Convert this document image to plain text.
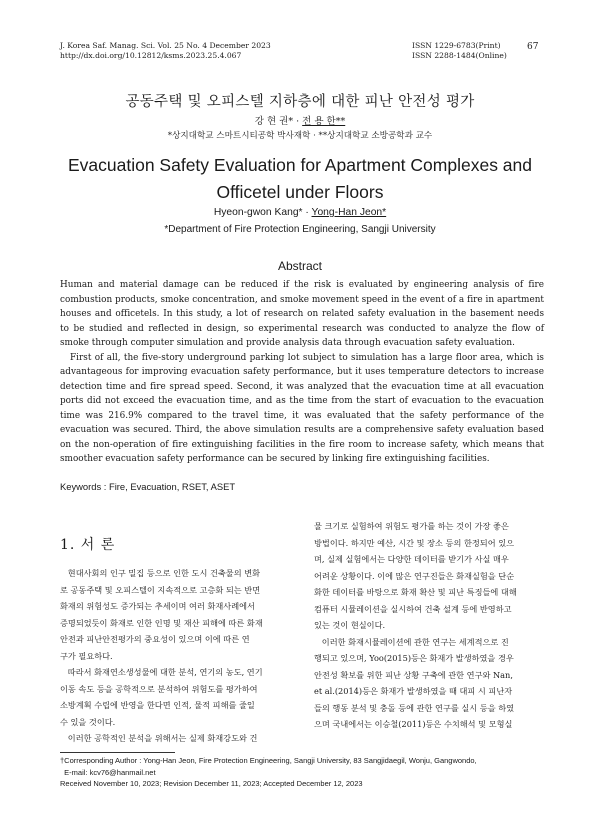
J. Korea Saf. Manag. Sci. Vol. 25 No. 4 December 2023
http://dx.doi.org/10.12812/ksms.2023.25.4.067
ISSN 1229-6783(Print)
ISSN 2288-1484(Online)
67
공동주택 및 오피스텔 지하층에 대한 피난 안전성 평가
강 현 권* · 전 용 한**
*상지대학교 스마트시티공학 박사재학 · **상지대학교 소방공학과 교수
Evacuation Safety Evaluation for Apartment Complexes and
Officetel under Floors
Hyeon-gwon Kang* · Yong-Han Jeon*
*Department of Fire Protection Engineering, Sangji University
Abstract
Human and material damage can be reduced if the risk is evaluated by engineering analysis of fire
combustion products, smoke concentration, and smoke movement speed in the event of a fire in apartment
houses and officetels. In this study, a lot of research on related safety evaluation in the basement needs
to be studied and reflected in design, so experimental research was conducted to analyze the flow of
smoke through computer simulation and provide analysis data through evacuation safety evaluation.
First of all, the five-story underground parking lot subject to simulation has a large floor area, which is
advantageous for improving evacuation safety performance, but it uses temperature detectors to increase
detection time and fire spread speed. Second, it was analyzed that the evacuation time at all evacuation
ports did not exceed the evacuation time, and as the time from the start of evacuation to the evacuation
time was 216.9% compared to the travel time, it was evaluated that the safety performance of the
evacuation was secured. Third, the above simulation results are a comprehensive safety evaluation based
on the non-operation of fire extinguishing facilities in the fire room to increase safety, which means that
smoother evacuation safety performance can be secured by linking fire extinguishing facilities.
Keywords : Fire, Evacuation, RSET, ASET
1. 서 론
현대사회의 인구 밀집 등으로 인한 도시 건축물의 변화
로 공동주택 및 오피스텔이 지속적으로 고층화 되는 반면
화재의 위험성도 증가되는 추세이며 여러 화재사례에서
증명되었듯이 화재로 인한 인명 및 재산 피해에 따른 화재
안전과 피난안전평가의 중요성이 있으며 이에 따른 연
구가 필요하다.
따라서 화재연소생성물에 대한 분석, 연기의 농도, 연기
이동 속도 등을 공학적으로 분석하여 위험도를 평가하여
소방계획 수립에 반영을 한다면 인적, 물적 피해를 줄일
수 있을 것이다.
이러한 공학적인 분석을 위해서는 실제 화재강도와 건
물 크기로 실험하여 위험도 평가를 하는 것이 가장 좋은
방법이다. 하지만 예산, 시간 및 장소 등의 한정되어 있으
며, 실제 실험에서는 다양한 데이터를 받기가 사실 매우
어려운 상황이다. 이에 많은 연구진들은 화재실험을 단순
화한 데이터를 바탕으로 화재 확산 및 피난 특징들에 대해
컴퓨터 시뮬레이션을 실시하여 건축 설계 등에 반영하고
있는 것이 현실이다.
이러한 화재시뮬레이션에 관한 연구는 세계적으로 진
행되고 있으며, Yoo(2015)등은 화재가 발생하였을 경우
안전성 확보를 위한 피난 상황 구축에 관한 연구와 Nan,
et al.(2014)등은 화재가 발생하였을 때 대피 시 피난자
들의 행동 분석 및 충돌 등에 관한 연구를 실시 등을 하였
으며 국내에서는 이승철(2011)등은 수치해석 및 모형실
†Corresponding Author : Yong-Han Jeon, Fire Protection Engineering, Sangji University, 83 Sangjidaegil, Wonju, Gangwondo,
E-mail: kcv76@hanmail.net
Received November 10, 2023; Revision December 11, 2023; Accepted December 12, 2023
